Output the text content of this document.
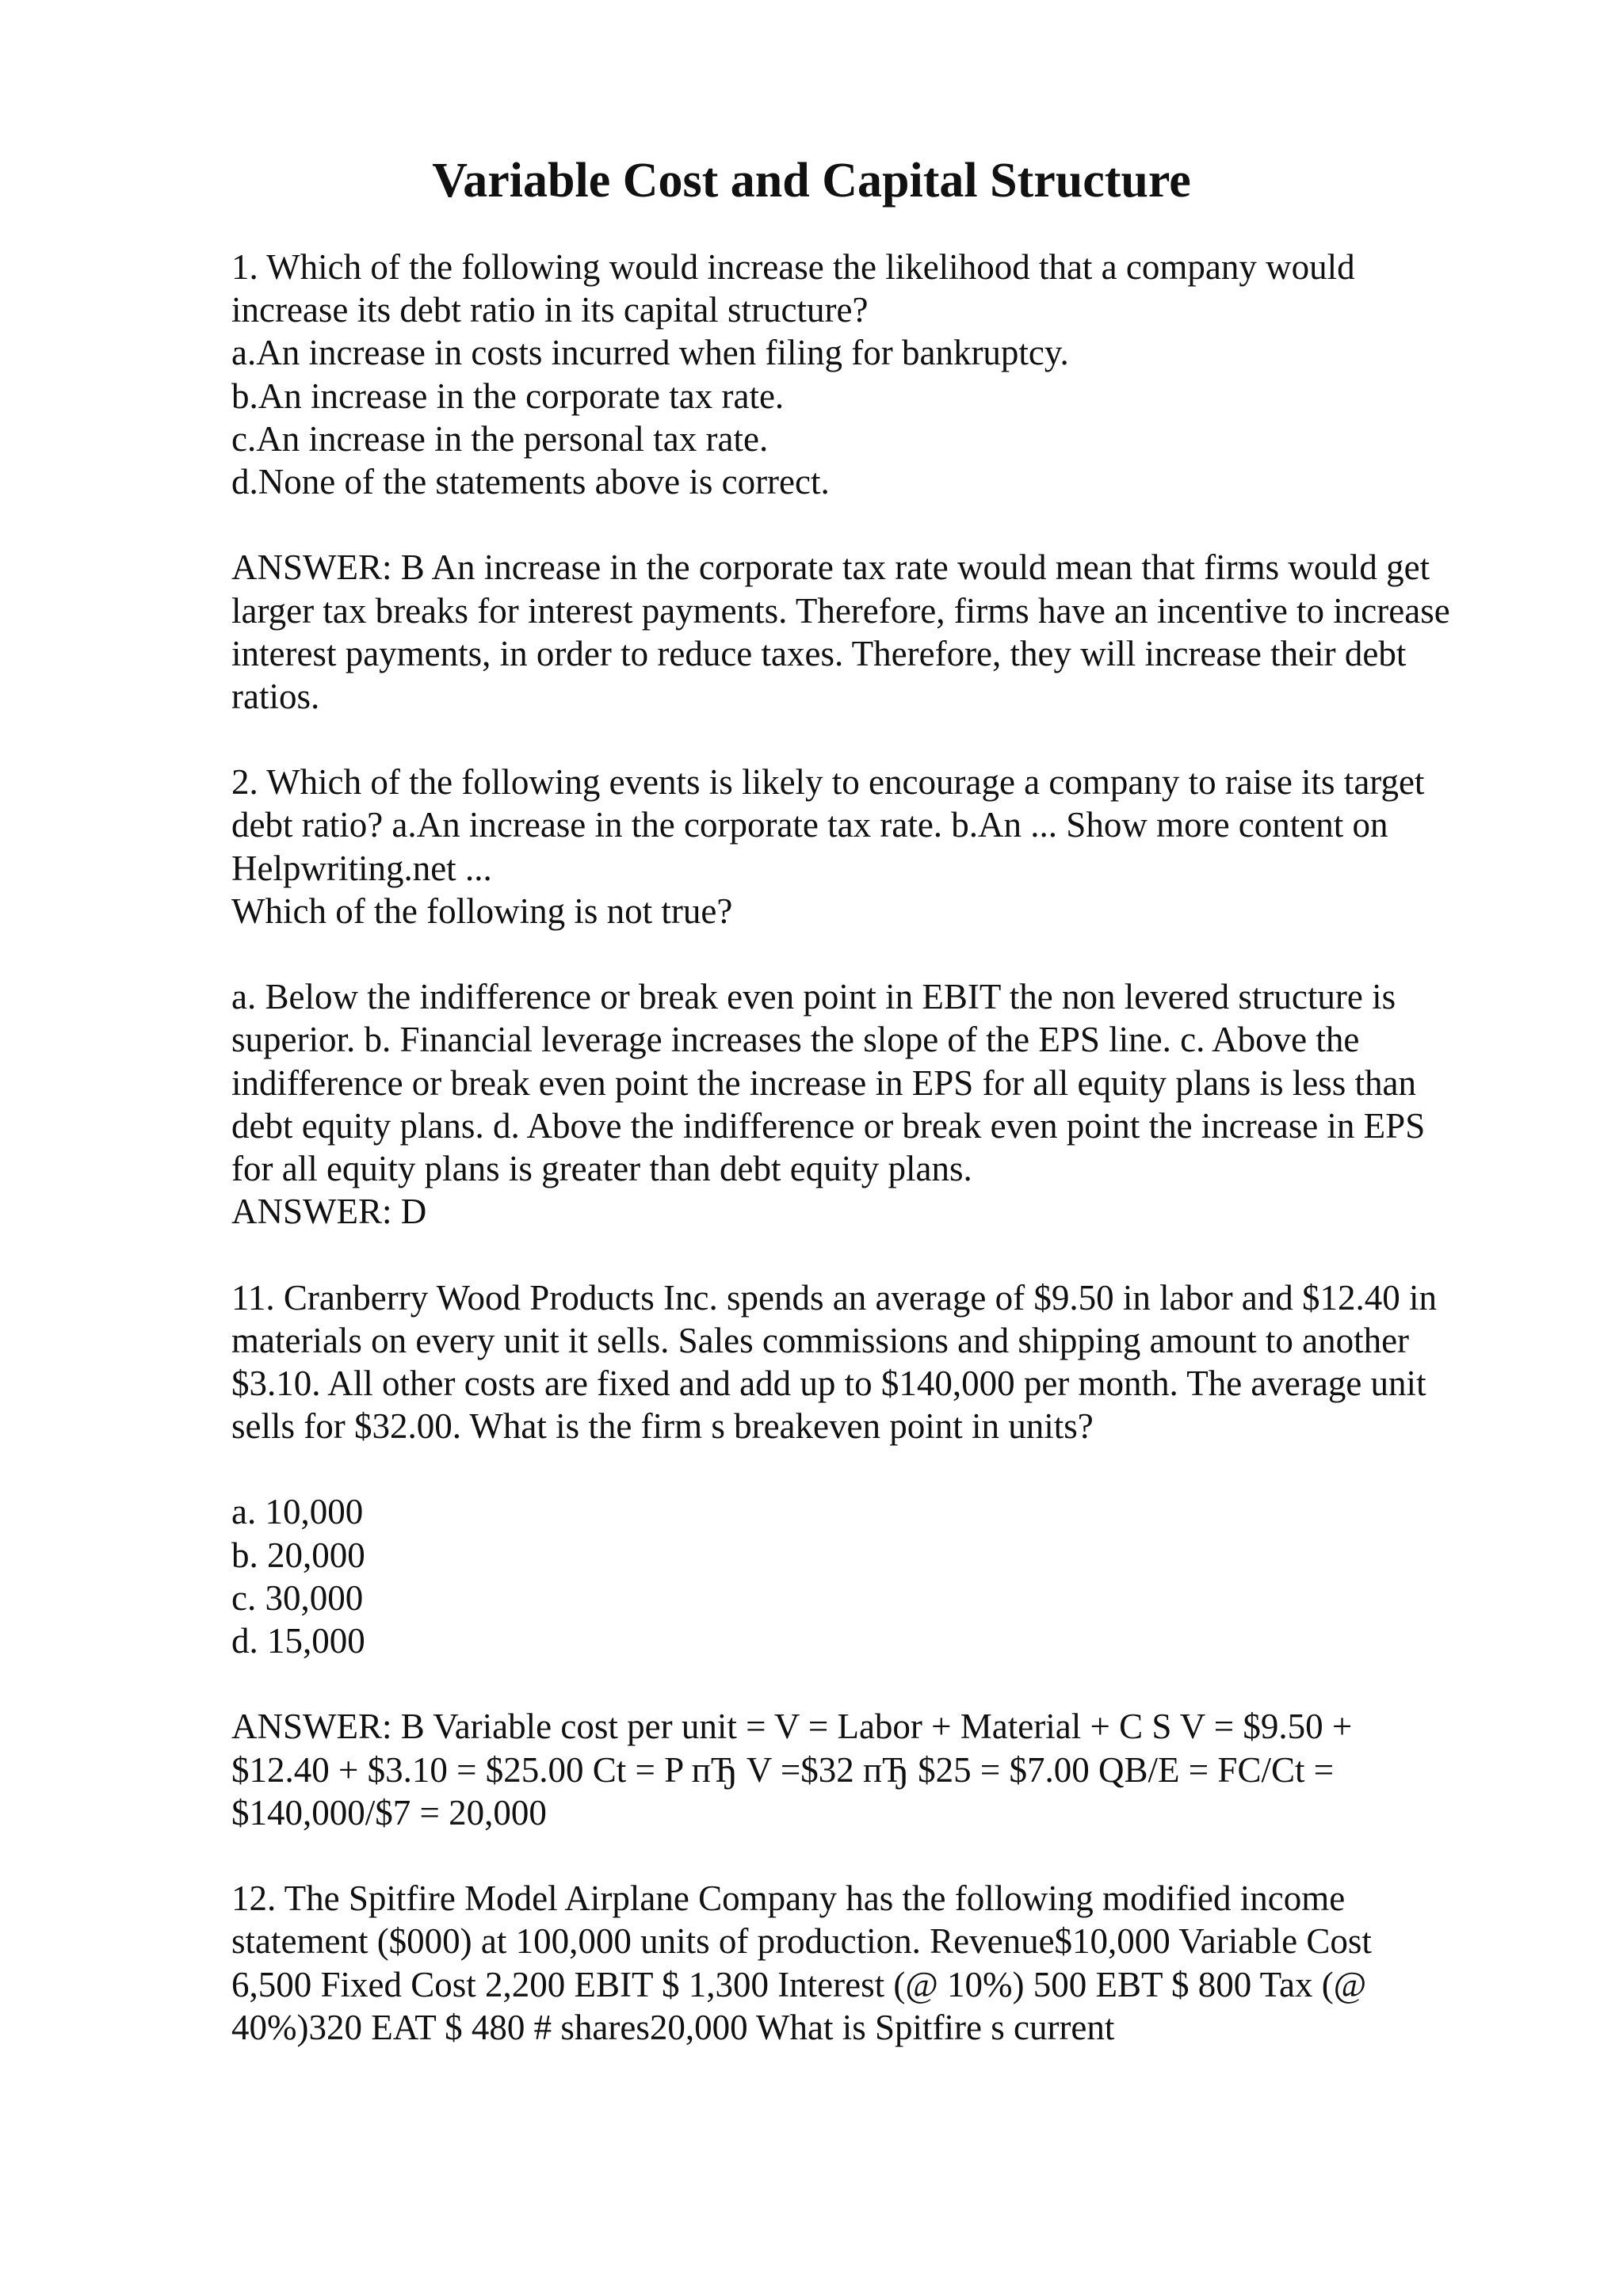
Variable Cost and Capital Structure
1. Which of the following would increase the likelihood that a company would
increase its debt ratio in its capital structure?
a.An increase in costs incurred when filing for bankruptcy.
b.An increase in the corporate tax rate.
c.An increase in the personal tax rate.
d.None of the statements above is correct.
ANSWER: B An increase in the corporate tax rate would mean that firms would get
larger tax breaks for interest payments. Therefore, firms have an incentive to increase
interest payments, in order to reduce taxes. Therefore, they will increase their debt
ratios.
2. Which of the following events is likely to encourage a company to raise its target
debt ratio? a.An increase in the corporate tax rate. b.An ... Show more content on
Helpwriting.net ...
Which of the following is not true?
a. Below the indifference or break even point in EBIT the non levered structure is
superior. b. Financial leverage increases the slope of the EPS line. c. Above the
indifference or break even point the increase in EPS for all equity plans is less than
debt equity plans. d. Above the indifference or break even point the increase in EPS
for all equity plans is greater than debt equity plans.
ANSWER: D
11. Cranberry Wood Products Inc. spends an average of $9.50 in labor and $12.40 in
materials on every unit it sells. Sales commissions and shipping amount to another
$3.10. All other costs are fixed and add up to $140,000 per month. The average unit
sells for $32.00. What is the firm s breakeven point in units?
a. 10,000
b. 20,000
c. 30,000
d. 15,000
ANSWER: B Variable cost per unit = V = Labor + Material + C S V = $9.50 +
$12.40 + $3.10 = $25.00 Ct = P пЂ V =$32 пЂ $25 = $7.00 QB/E = FC/Ct =
$140,000/$7 = 20,000
12. The Spitfire Model Airplane Company has the following modified income
statement ($000) at 100,000 units of production. Revenue$10,000 Variable Cost
6,500 Fixed Cost 2,200 EBIT $ 1,300 Interest (@ 10%) 500 EBT $ 800 Tax (@
40%)320 EAT $ 480 # shares20,000 What is Spitfire s current
